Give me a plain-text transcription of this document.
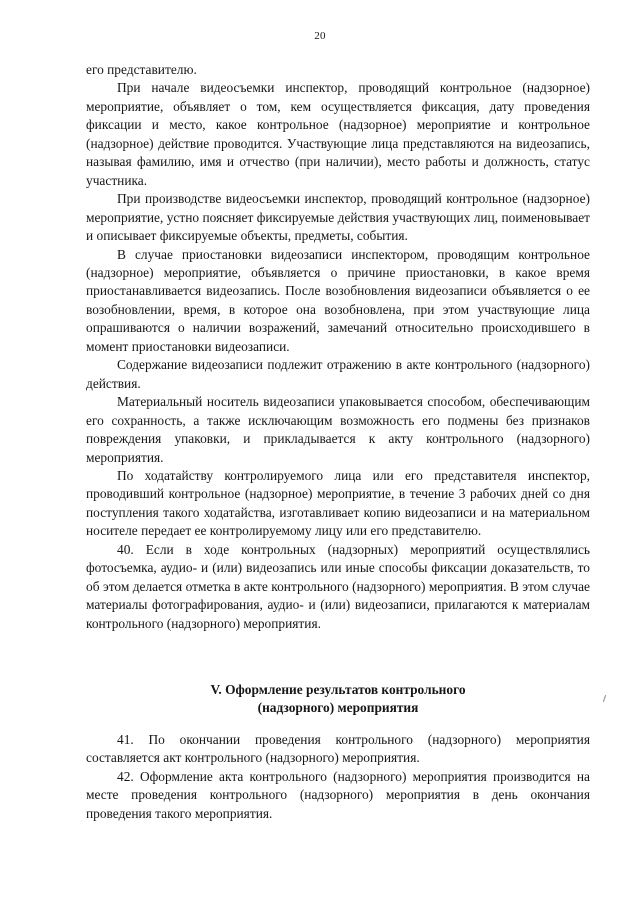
20

его представителю.

При начале видеосъемки инспектор, проводящий контрольное (надзорное) мероприятие, объявляет о том, кем осуществляется фиксация, дату проведения фиксации и место, какое контрольное (надзорное) мероприятие и контрольное (надзорное) действие проводится. Участвующие лица представляются на видеозапись, называя фамилию, имя и отчество (при наличии), место работы и должность, статус участника.

При производстве видеосъемки инспектор, проводящий контрольное (надзорное) мероприятие, устно поясняет фиксируемые действия участвующих лиц, поименовывает и описывает фиксируемые объекты, предметы, события.

В случае приостановки видеозаписи инспектором, проводящим контрольное (надзорное) мероприятие, объявляется о причине приостановки, в какое время приостанавливается видеозапись. После возобновления видеозаписи объявляется о ее возобновлении, время, в которое она возобновлена, при этом участвующие лица опрашиваются о наличии возражений, замечаний относительно происходившего в момент приостановки видеозаписи.

Содержание видеозаписи подлежит отражению в акте контрольного (надзорного) действия.

Материальный носитель видеозаписи упаковывается способом, обеспечивающим его сохранность, а также исключающим возможность его подмены без признаков повреждения упаковки, и прикладывается к акту контрольного (надзорного) мероприятия.

По ходатайству контролируемого лица или его представителя инспектор, проводивший контрольное (надзорное) мероприятие, в течение 3 рабочих дней со дня поступления такого ходатайства, изготавливает копию видеозаписи и на материальном носителе передает ее контролируемому лицу или его представителю.

40. Если в ходе контрольных (надзорных) мероприятий осуществлялись фотосъемка, аудио- и (или) видеозапись или иные способы фиксации доказательств, то об этом делается отметка в акте контрольного (надзорного) мероприятия. В этом случае материалы фотографирования, аудио- и (или) видеозаписи, прилагаются к материалам контрольного (надзорного) мероприятия.

V. Оформление результатов контрольного
(надзорного) мероприятия

41. По окончании проведения контрольного (надзорного) мероприятия составляется акт контрольного (надзорного) мероприятия.

42. Оформление акта контрольного (надзорного) мероприятия производится на месте проведения контрольного (надзорного) мероприятия в день окончания проведения такого мероприятия.
